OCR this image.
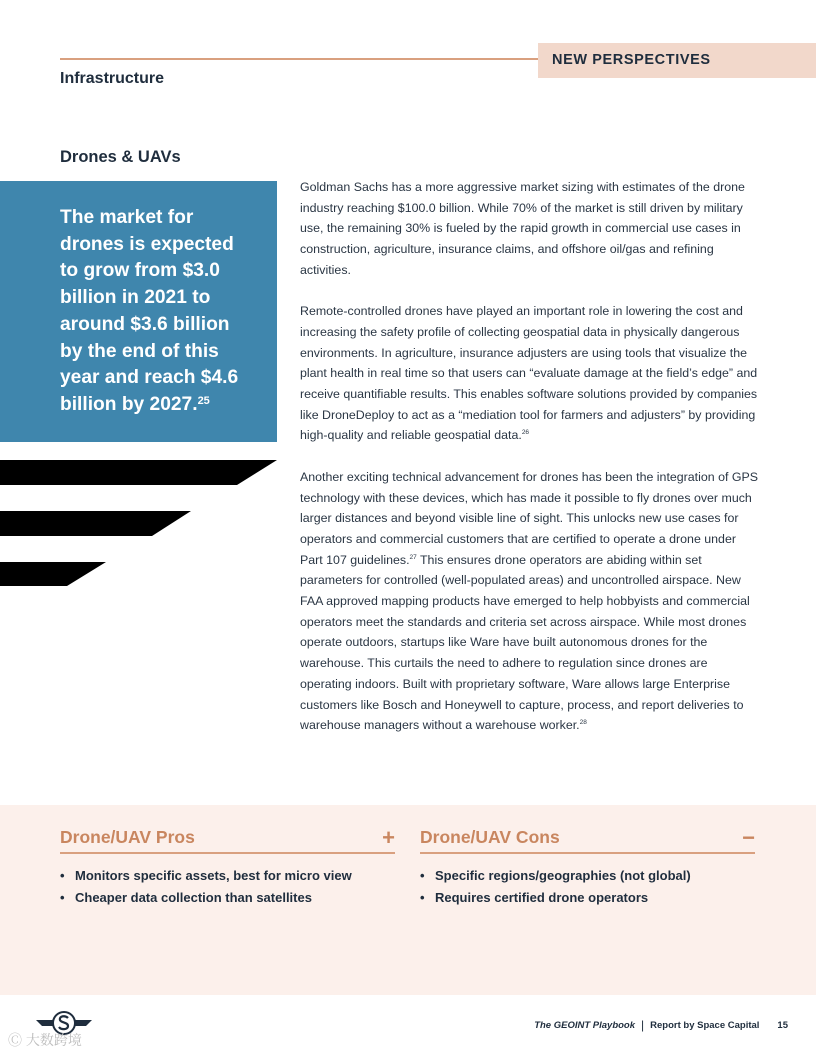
NEW PERSPECTIVES
Infrastructure
Drones & UAVs
The market for drones is expected to grow from $3.0 billion in 2021 to around $3.6 billion by the end of this year and reach $4.6 billion by 2027.25

Goldman Sachs has a more aggressive market sizing with estimates of the drone industry reaching $100.0 billion. While 70% of the market is still driven by military use, the remaining 30% is fueled by the rapid growth in commercial use cases in construction, agriculture, insurance claims, and offshore oil/gas and refining activities.

Remote-controlled drones have played an important role in lowering the cost and increasing the safety profile of collecting geospatial data in physically dangerous environments. In agriculture, insurance adjusters are using tools that visualize the plant health in real time so that users can “evaluate damage at the field’s edge” and receive quantifiable results. This enables software solutions provided by companies like DroneDeploy to act as a “mediation tool for farmers and adjusters” by providing high-quality and reliable geospatial data.$^{26}$

Another exciting technical advancement for drones has been the integration of GPS technology with these devices, which has made it possible to fly drones over much larger distances and beyond visible line of sight. This unlocks new use cases for operators and commercial customers that are certified to operate a drone under Part 107 guidelines.$^{27}$ This ensures drone operators are abiding within set parameters for controlled (well-populated areas) and uncontrolled airspace. New FAA approved mapping products have emerged to help hobbyists and commercial operators meet the standards and criteria set across airspace. While most drones operate outdoors, startups like Ware have built autonomous drones for the warehouse. This curtails the need to adhere to regulation since drones are operating indoors. Built with proprietary software, Ware allows large Enterprise customers like Bosch and Honeywell to capture, process, and report deliveries to warehouse managers without a warehouse worker.$^{28}$

Drone/UAV Pros	+
• Monitors specific assets, best for micro view
• Cheaper data collection than satellites
Drone/UAV Cons	−
• Specific regions/geographies (not global)
• Requires certified drone operators
Ⓒ 大数跨境
The GEOINT Playbook | Report by Space Capital 15
